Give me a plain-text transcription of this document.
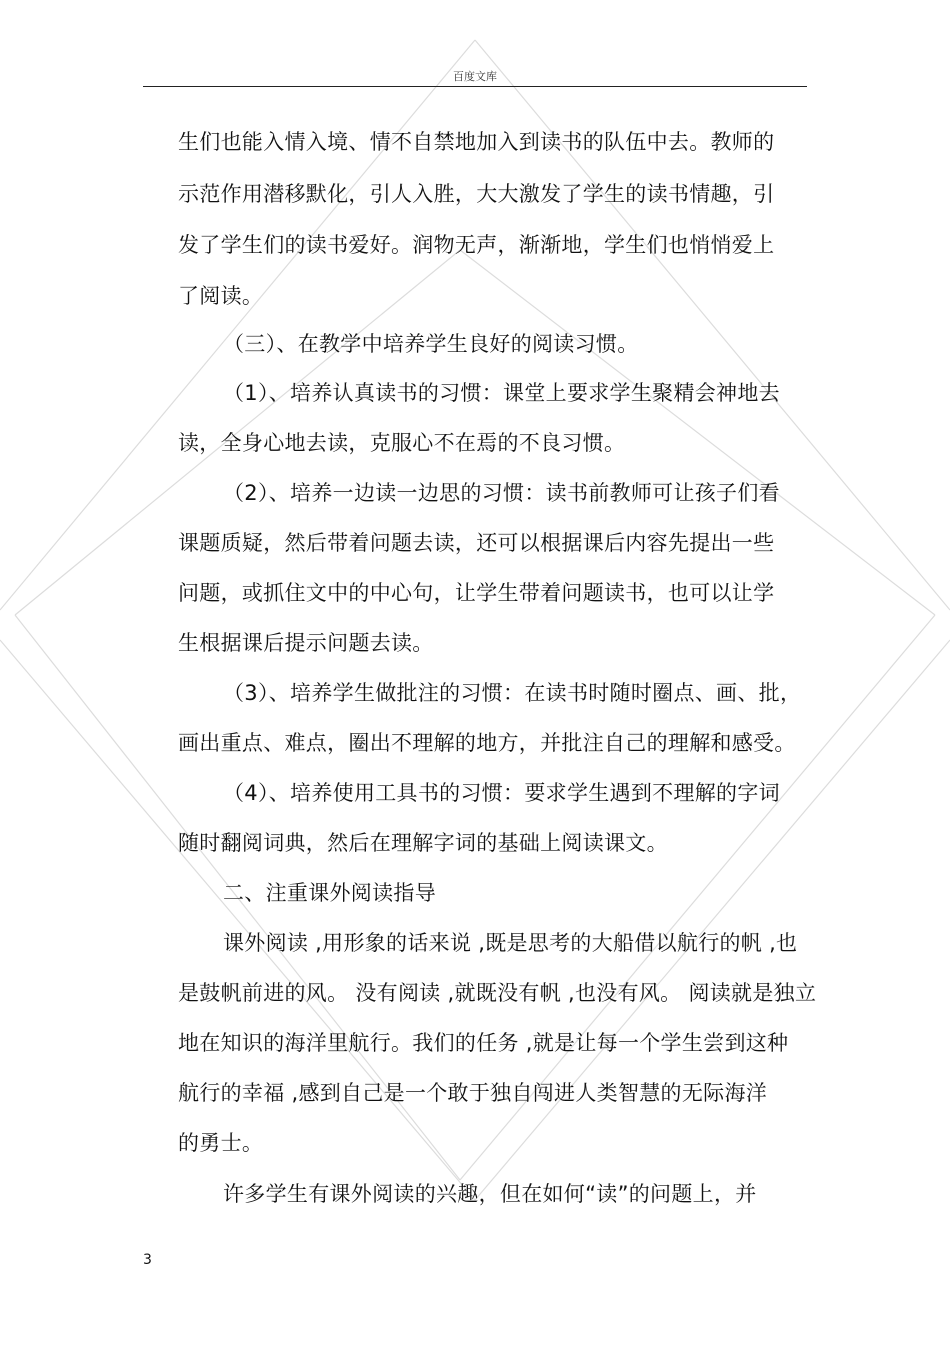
百度文库
生们也能入情入境、情不自禁地加入到读书的队伍中去。教师的
示范作用潜移默化，引人入胜，大大激发了学生的读书情趣，引
发了学生们的读书爱好。润物无声，渐渐地，学生们也悄悄爱上
了阅读。
（三）、在教学中培养学生良好的阅读习惯。
（1）、培养认真读书的习惯：课堂上要求学生聚精会神地去
读，全身心地去读，克服心不在焉的不良习惯。
（2）、培养一边读一边思的习惯：读书前教师可让孩子们看
课题质疑，然后带着问题去读，还可以根据课后内容先提出一些
问题，或抓住文中的中心句，让学生带着问题读书，也可以让学
生根据课后提示问题去读。
（3）、培养学生做批注的习惯：在读书时随时圈点、画、批，
画出重点、难点，圈出不理解的地方，并批注自己的理解和感受。
（4）、培养使用工具书的习惯：要求学生遇到不理解的字词
随时翻阅词典，然后在理解字词的基础上阅读课文。
二、注重课外阅读指导
课外阅读 ,用形象的话来说 ,既是思考的大船借以航行的帆 ,也
是鼓帆前进的风。 没有阅读 ,就既没有帆 ,也没有风。 阅读就是独立
地在知识的海洋里航行。我们的任务 ,就是让每一个学生尝到这种
航行的幸福 ,感到自己是一个敢于独自闯进人类智慧的无际海洋
的勇士。
许多学生有课外阅读的兴趣，但在如何“读”的问题上，并
3
